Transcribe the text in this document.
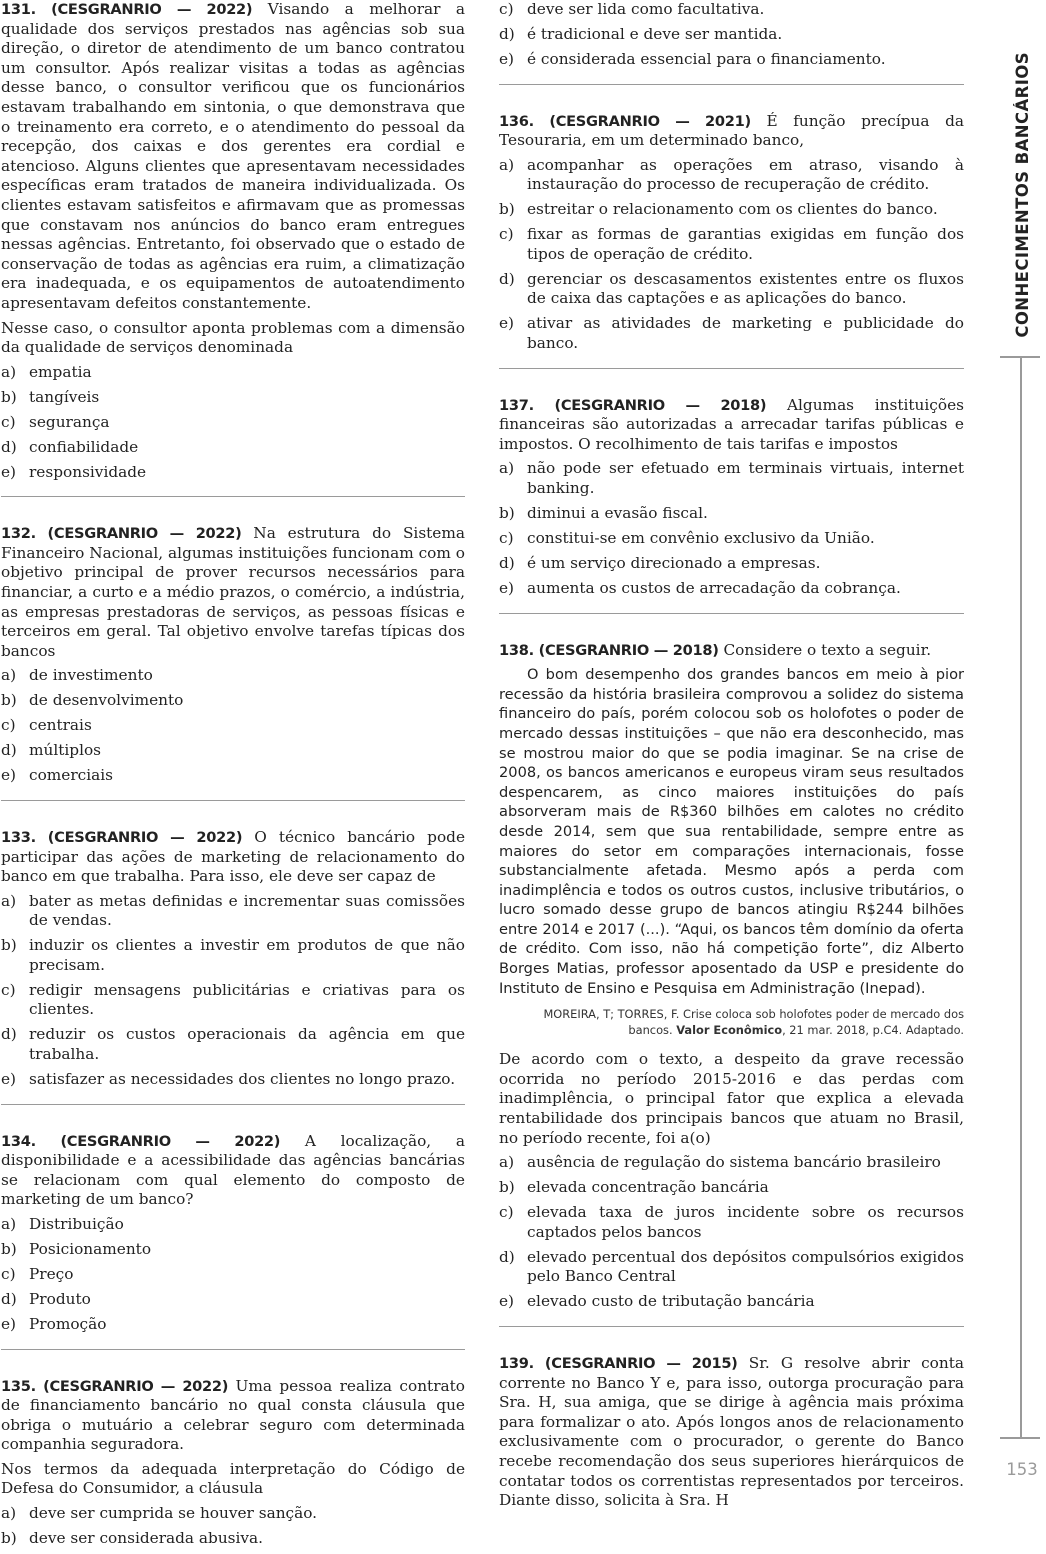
131. (CESGRANRIO — 2022) Visando a melhorar a qualidade dos serviços prestados nas agências sob sua direção, o diretor de atendimento de um banco contratou um consultor. Após realizar visitas a todas as agências desse banco, o consultor verificou que os funcionários estavam trabalhando em sintonia, o que demonstrava que o treinamento era correto, e o atendimento do pessoal da recepção, dos caixas e dos gerentes era cordial e atencioso. Alguns clientes que apresentavam necessidades específicas eram tratados de maneira individualizada. Os clientes estavam satisfeitos e afirmavam que as promessas que constavam nos anúncios do banco eram entregues nessas agências. Entretanto, foi observado que o estado de conservação de todas as agências era ruim, a climatização era inadequada, e os equipamentos de autoatendimento apresentavam defeitos constantemente.

Nesse caso, o consultor aponta problemas com a dimensão da qualidade de serviços denominada

a) empatia
b) tangíveis
c) segurança
d) confiabilidade
e) responsividade

132. (CESGRANRIO — 2022) Na estrutura do Sistema Financeiro Nacional, algumas instituições funcionam com o objetivo principal de prover recursos necessários para financiar, a curto e a médio prazos, o comércio, a indústria, as empresas prestadoras de serviços, as pessoas físicas e terceiros em geral. Tal objetivo envolve tarefas típicas dos bancos

a) de investimento
b) de desenvolvimento
c) centrais
d) múltiplos
e) comerciais

133. (CESGRANRIO — 2022) O técnico bancário pode participar das ações de marketing de relacionamento do banco em que trabalha. Para isso, ele deve ser capaz de

a) bater as metas definidas e incrementar suas comissões de vendas.
b) induzir os clientes a investir em produtos de que não precisam.
c) redigir mensagens publicitárias e criativas para os clientes.
d) reduzir os custos operacionais da agência em que trabalha.
e) satisfazer as necessidades dos clientes no longo prazo.

134. (CESGRANRIO — 2022) A localização, a disponibilidade e a acessibilidade das agências bancárias se relacionam com qual elemento do composto de marketing de um banco?

a) Distribuição
b) Posicionamento
c) Preço
d) Produto
e) Promoção

135. (CESGRANRIO — 2022) Uma pessoa realiza contrato de financiamento bancário no qual consta cláusula que obriga o mutuário a celebrar seguro com determinada companhia seguradora.

Nos termos da adequada interpretação do Código de Defesa do Consumidor, a cláusula

a) deve ser cumprida se houver sanção.
b) deve ser considerada abusiva.
c) deve ser lida como facultativa.
d) é tradicional e deve ser mantida.
e) é considerada essencial para o financiamento.

136. (CESGRANRIO — 2021) É função precípua da Tesouraria, em um determinado banco,

a) acompanhar as operações em atraso, visando à instauração do processo de recuperação de crédito.
b) estreitar o relacionamento com os clientes do banco.
c) fixar as formas de garantias exigidas em função dos tipos de operação de crédito.
d) gerenciar os descasamentos existentes entre os fluxos de caixa das captações e as aplicações do banco.
e) ativar as atividades de marketing e publicidade do banco.

137. (CESGRANRIO — 2018) Algumas instituições financeiras são autorizadas a arrecadar tarifas públicas e impostos. O recolhimento de tais tarifas e impostos

a) não pode ser efetuado em terminais virtuais, internet banking.
b) diminui a evasão fiscal.
c) constitui-se em convênio exclusivo da União.
d) é um serviço direcionado a empresas.
e) aumenta os custos de arrecadação da cobrança.

138. (CESGRANRIO — 2018) Considere o texto a seguir.

O bom desempenho dos grandes bancos em meio à pior recessão da história brasileira comprovou a solidez do sistema financeiro do país, porém colocou sob os holofotes o poder de mercado dessas instituições – que não era desconhecido, mas se mostrou maior do que se podia imaginar. Se na crise de 2008, os bancos americanos e europeus viram seus resultados despencarem, as cinco maiores instituições do país absorveram mais de R$360 bilhões em calotes no crédito desde 2014, sem que sua rentabilidade, sempre entre as maiores do setor em comparações internacionais, fosse substancialmente afetada. Mesmo após a perda com inadimplência e todos os outros custos, inclusive tributários, o lucro somado desse grupo de bancos atingiu R$244 bilhões entre 2014 e 2017 (...). “Aqui, os bancos têm domínio da oferta de crédito. Com isso, não há competição forte”, diz Alberto Borges Matias, professor aposentado da USP e presidente do Instituto de Ensino e Pesquisa em Administração (Inepad).

MOREIRA, T; TORRES, F. Crise coloca sob holofotes poder de mercado dos bancos. Valor Econômico, 21 mar. 2018, p.C4. Adaptado.

De acordo com o texto, a despeito da grave recessão ocorrida no período 2015-2016 e das perdas com inadimplência, o principal fator que explica a elevada rentabilidade dos principais bancos que atuam no Brasil, no período recente, foi a(o)

a) ausência de regulação do sistema bancário brasileiro
b) elevada concentração bancária
c) elevada taxa de juros incidente sobre os recursos captados pelos bancos
d) elevado percentual dos depósitos compulsórios exigidos pelo Banco Central
e) elevado custo de tributação bancária

139. (CESGRANRIO — 2015) Sr. G resolve abrir conta corrente no Banco Y e, para isso, outorga procuração para Sra. H, sua amiga, que se dirige à agência mais próxima para formalizar o ato. Após longos anos de relacionamento exclusivamente com o procurador, o gerente do Banco recebe recomendação dos seus superiores hierárquicos de contatar todos os correntistas representados por terceiros. Diante disso, solicita à Sra. H

CONHECIMENTOS BANCÁRIOS
153
